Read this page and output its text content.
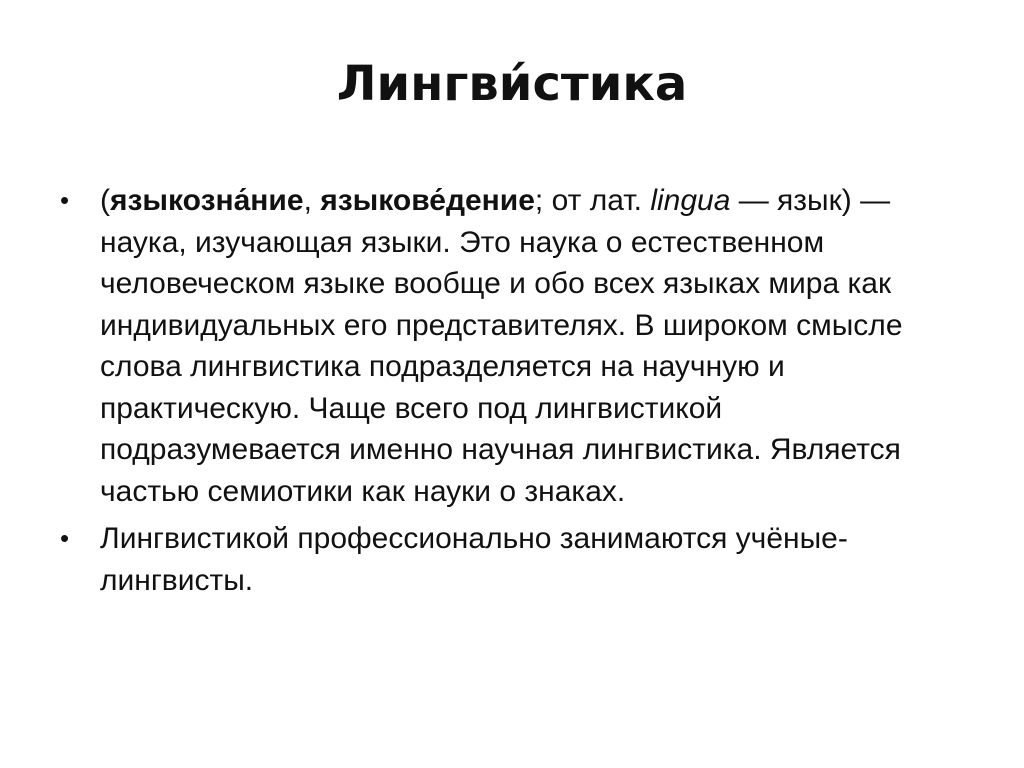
Лингви́стика
•	(языкозна́ние, языкове́дение; от лат. lingua — язык) — наука, изучающая языки. Это наука о естественном человеческом языке вообще и обо всех языках мира как индивидуальных его представителях. В широком смысле слова лингвистика подразделяется на научную и практическую. Чаще всего под лингвистикой подразумевается именно научная лингвистика. Является частью семиотики как науки о знаках.
•	Лингвистикой профессионально занимаются учёные-лингвисты.
